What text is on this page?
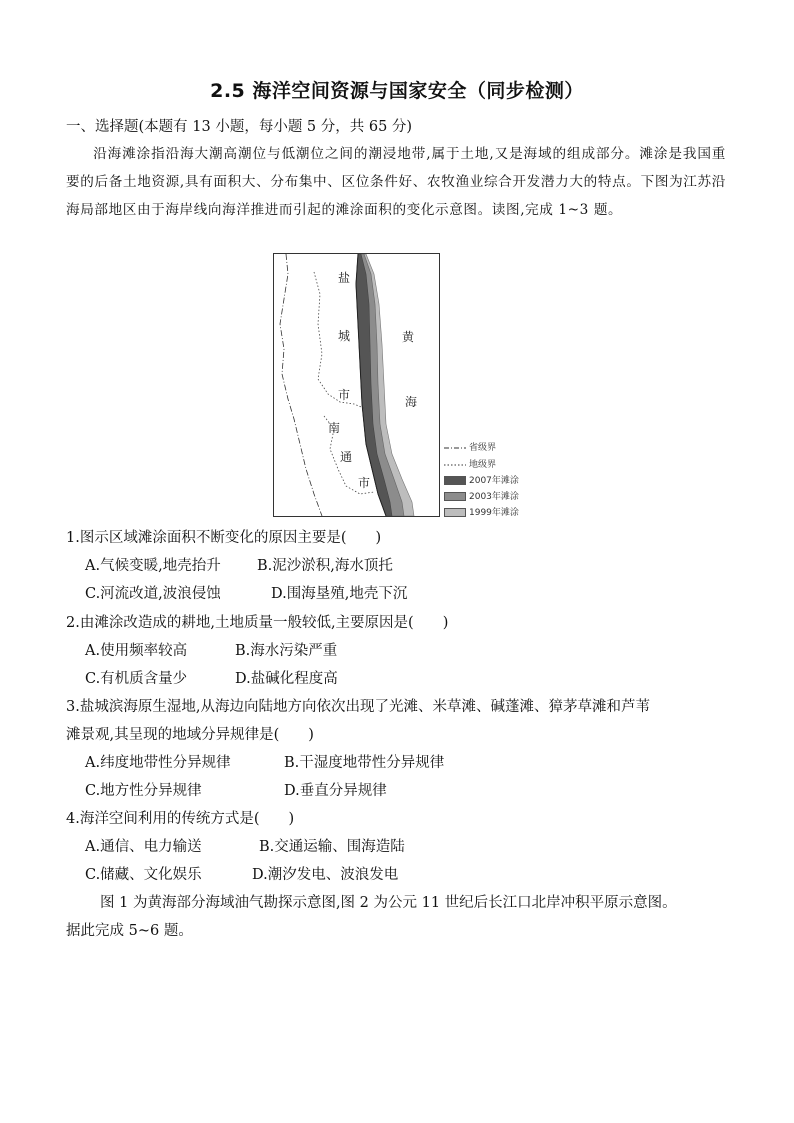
2.5 海洋空间资源与国家安全（同步检测）
一、选择题(本题有 13 小题，每小题 5 分，共 65 分)
沿海滩涂指沿海大潮高潮位与低潮位之间的潮浸地带,属于土地,又是海域的组成部分。滩涂是我国重要的后备土地资源,具有面积大、分布集中、区位条件好、农牧渔业综合开发潜力大的特点。下图为江苏沿海局部地区由于海岸线向海洋推进而引起的滩涂面积的变化示意图。读图,完成 1~3 题。
盐
城
市
南
通
市
黄
海
省级界
地级界
2007年滩涂
2003年滩涂
1999年滩涂
1.图示区域滩涂面积不断变化的原因主要是(　　)
A.气候变暖,地壳抬升	B.泥沙淤积,海水顶托
C.河流改道,波浪侵蚀	D.围海垦殖,地壳下沉
2.由滩涂改造成的耕地,土地质量一般较低,主要原因是(　　)
A.使用频率较高	B.海水污染严重
C.有机质含量少	D.盐碱化程度高
3.盐城滨海原生湿地,从海边向陆地方向依次出现了光滩、米草滩、碱蓬滩、獐茅草滩和芦苇
滩景观,其呈现的地域分异规律是(　　)
A.纬度地带性分异规律	B.干湿度地带性分异规律
C.地方性分异规律	D.垂直分异规律
4.海洋空间利用的传统方式是(　　)
A.通信、电力输送	B.交通运输、围海造陆
C.储藏、文化娱乐	D.潮汐发电、波浪发电
图 1 为黄海部分海域油气勘探示意图,图 2 为公元 11 世纪后长江口北岸冲积平原示意图。
据此完成 5~6 题。
